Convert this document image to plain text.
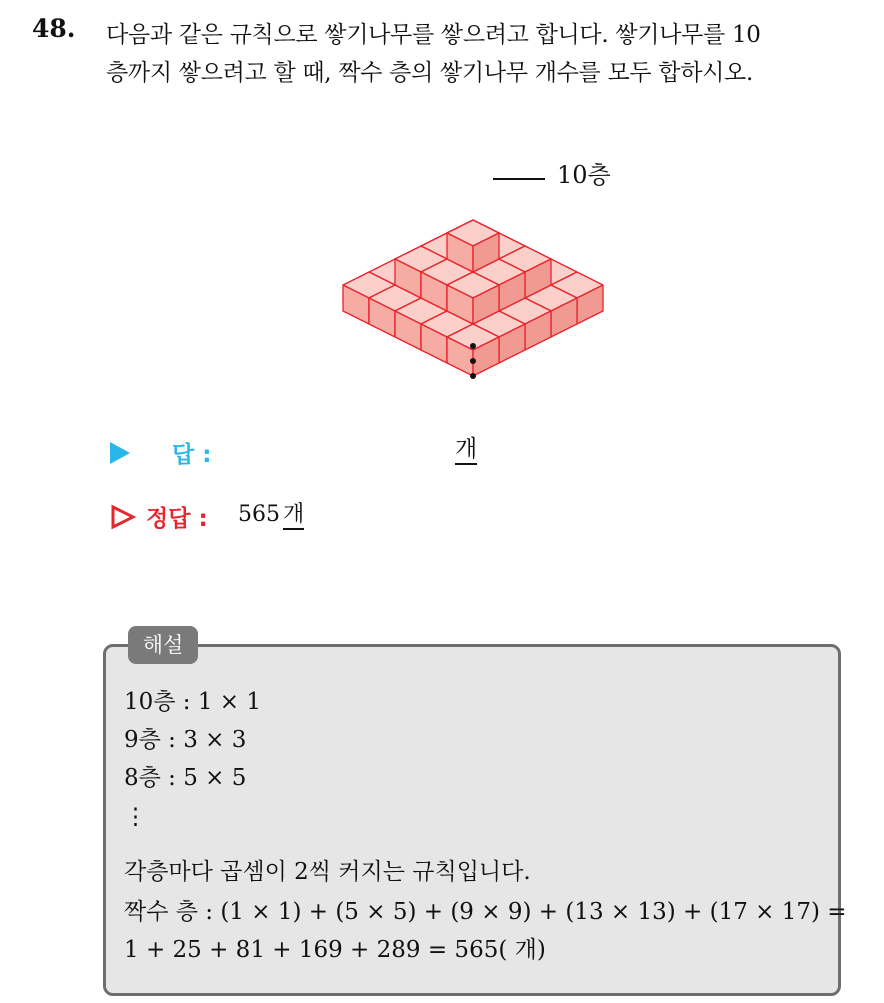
48. 다음과 같은 규칙으로 쌓기나무를 쌓으려고 합니다. 쌓기나무를 10
층까지 쌓으려고 할 때, 짝수 층의 쌓기나무 개수를 모두 합하시오.
10층
답 :	개
정답 : 565 개
해설
10층 : 1 × 1
9층 : 3 × 3
8층 : 5 × 5
⋮
각층마다 곱셈이 2씩 커지는 규칙입니다.
짝수 층 : (1 × 1) + (5 × 5) + (9 × 9) + (13 × 13) + (17 × 17) =
1 + 25 + 81 + 169 + 289 = 565( 개)
